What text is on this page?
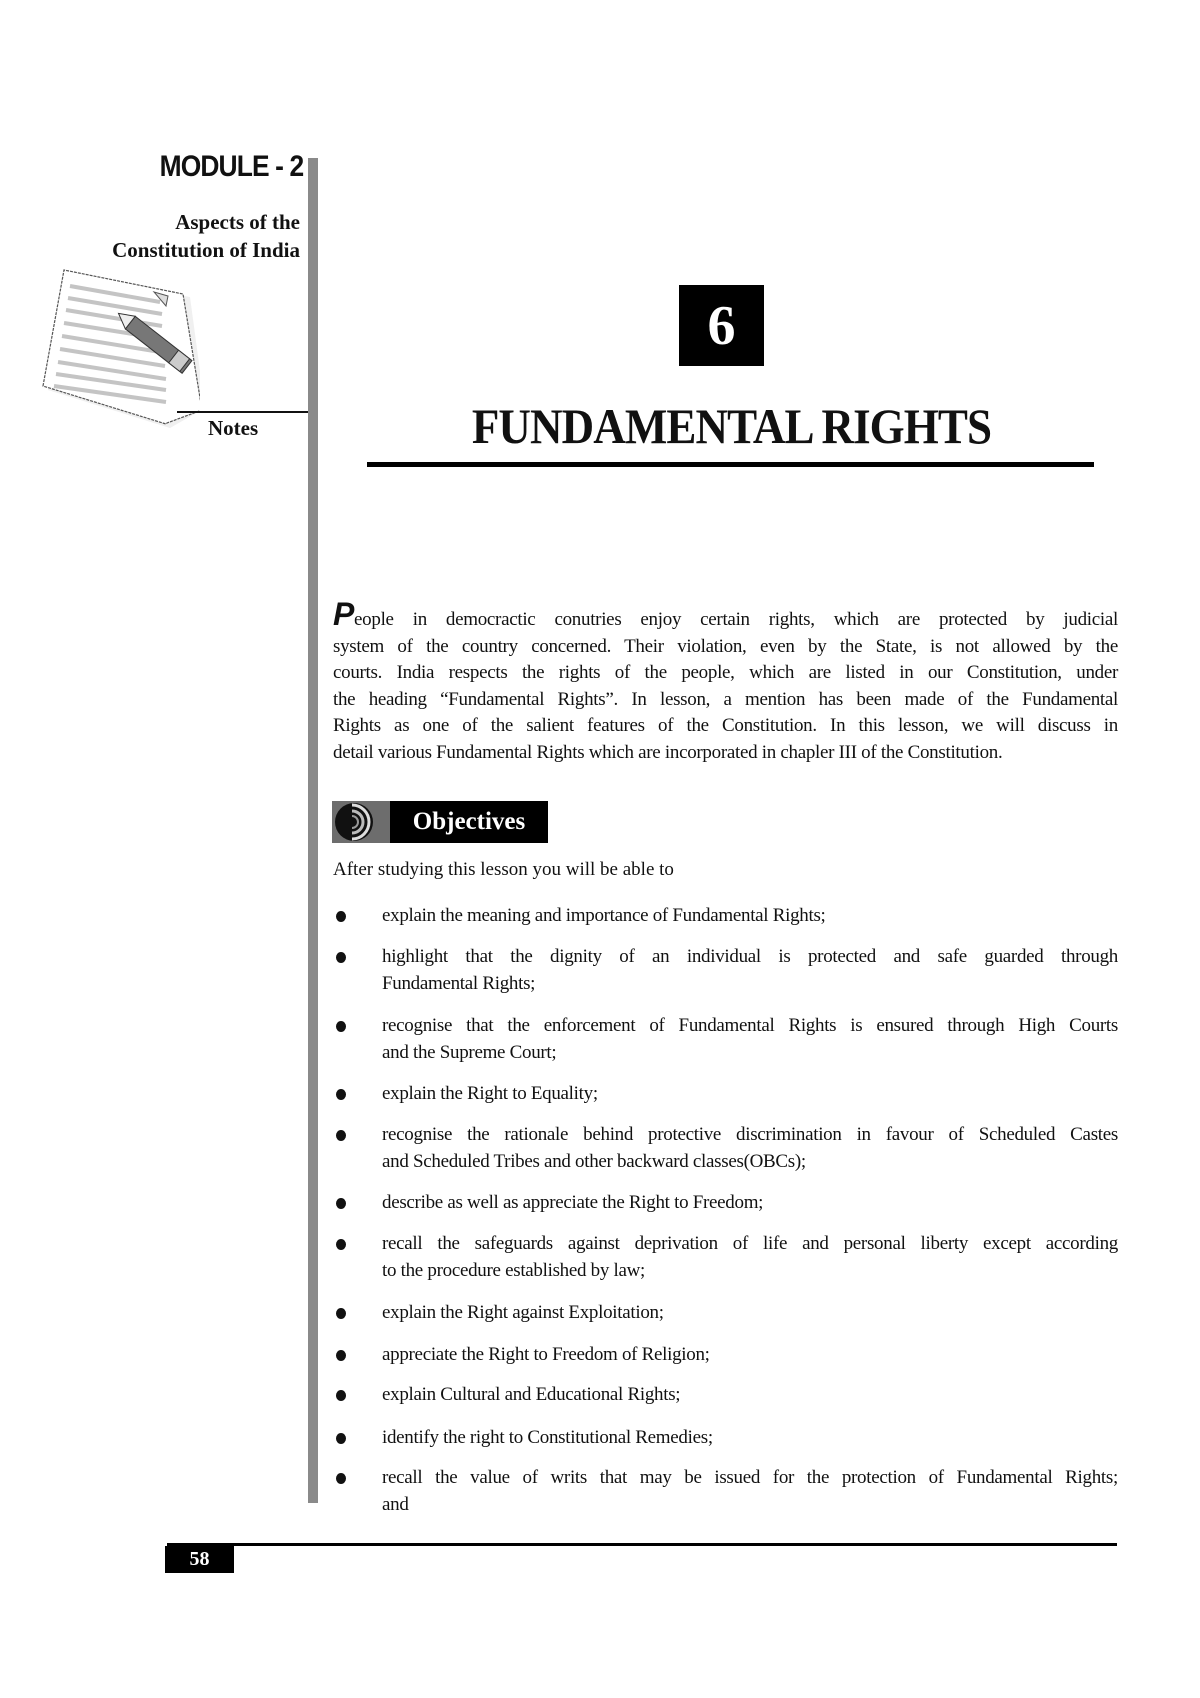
MODULE - 2
Aspects of the
Constitution of India
Notes
6
FUNDAMENTAL RIGHTS
People in democractic conutries enjoy certain rights, which are protected by judicial
system of the country concerned. Their violation, even by the State, is not allowed by the
courts. India respects the rights of the people, which are listed in our Constitution, under
the heading “Fundamental Rights”. In lesson, a mention has been made of the Fundamental
Rights as one of the salient features of the Constitution. In this lesson, we will discuss in
detail various Fundamental Rights which are incorporated in chapler III of the Constitution.
Objectives
After studying this lesson you will be able to
explain the meaning and importance of Fundamental Rights;
highlight that the dignity of an individual is protected and safe guarded through
Fundamental Rights;
recognise that the enforcement of Fundamental Rights is ensured through High Courts
and the Supreme Court;
explain the Right to Equality;
recognise the rationale behind protective discrimination in favour of Scheduled Castes
and Scheduled Tribes and other backward classes(OBCs);
describe as well as appreciate the Right to Freedom;
recall the safeguards against deprivation of life and personal liberty except according
to the procedure established by law;
explain the Right against Exploitation;
appreciate the Right to Freedom of Religion;
explain Cultural and Educational Rights;
identify the right to Constitutional Remedies;
recall the value of writs that may be issued for the protection of Fundamental Rights;
and
58
